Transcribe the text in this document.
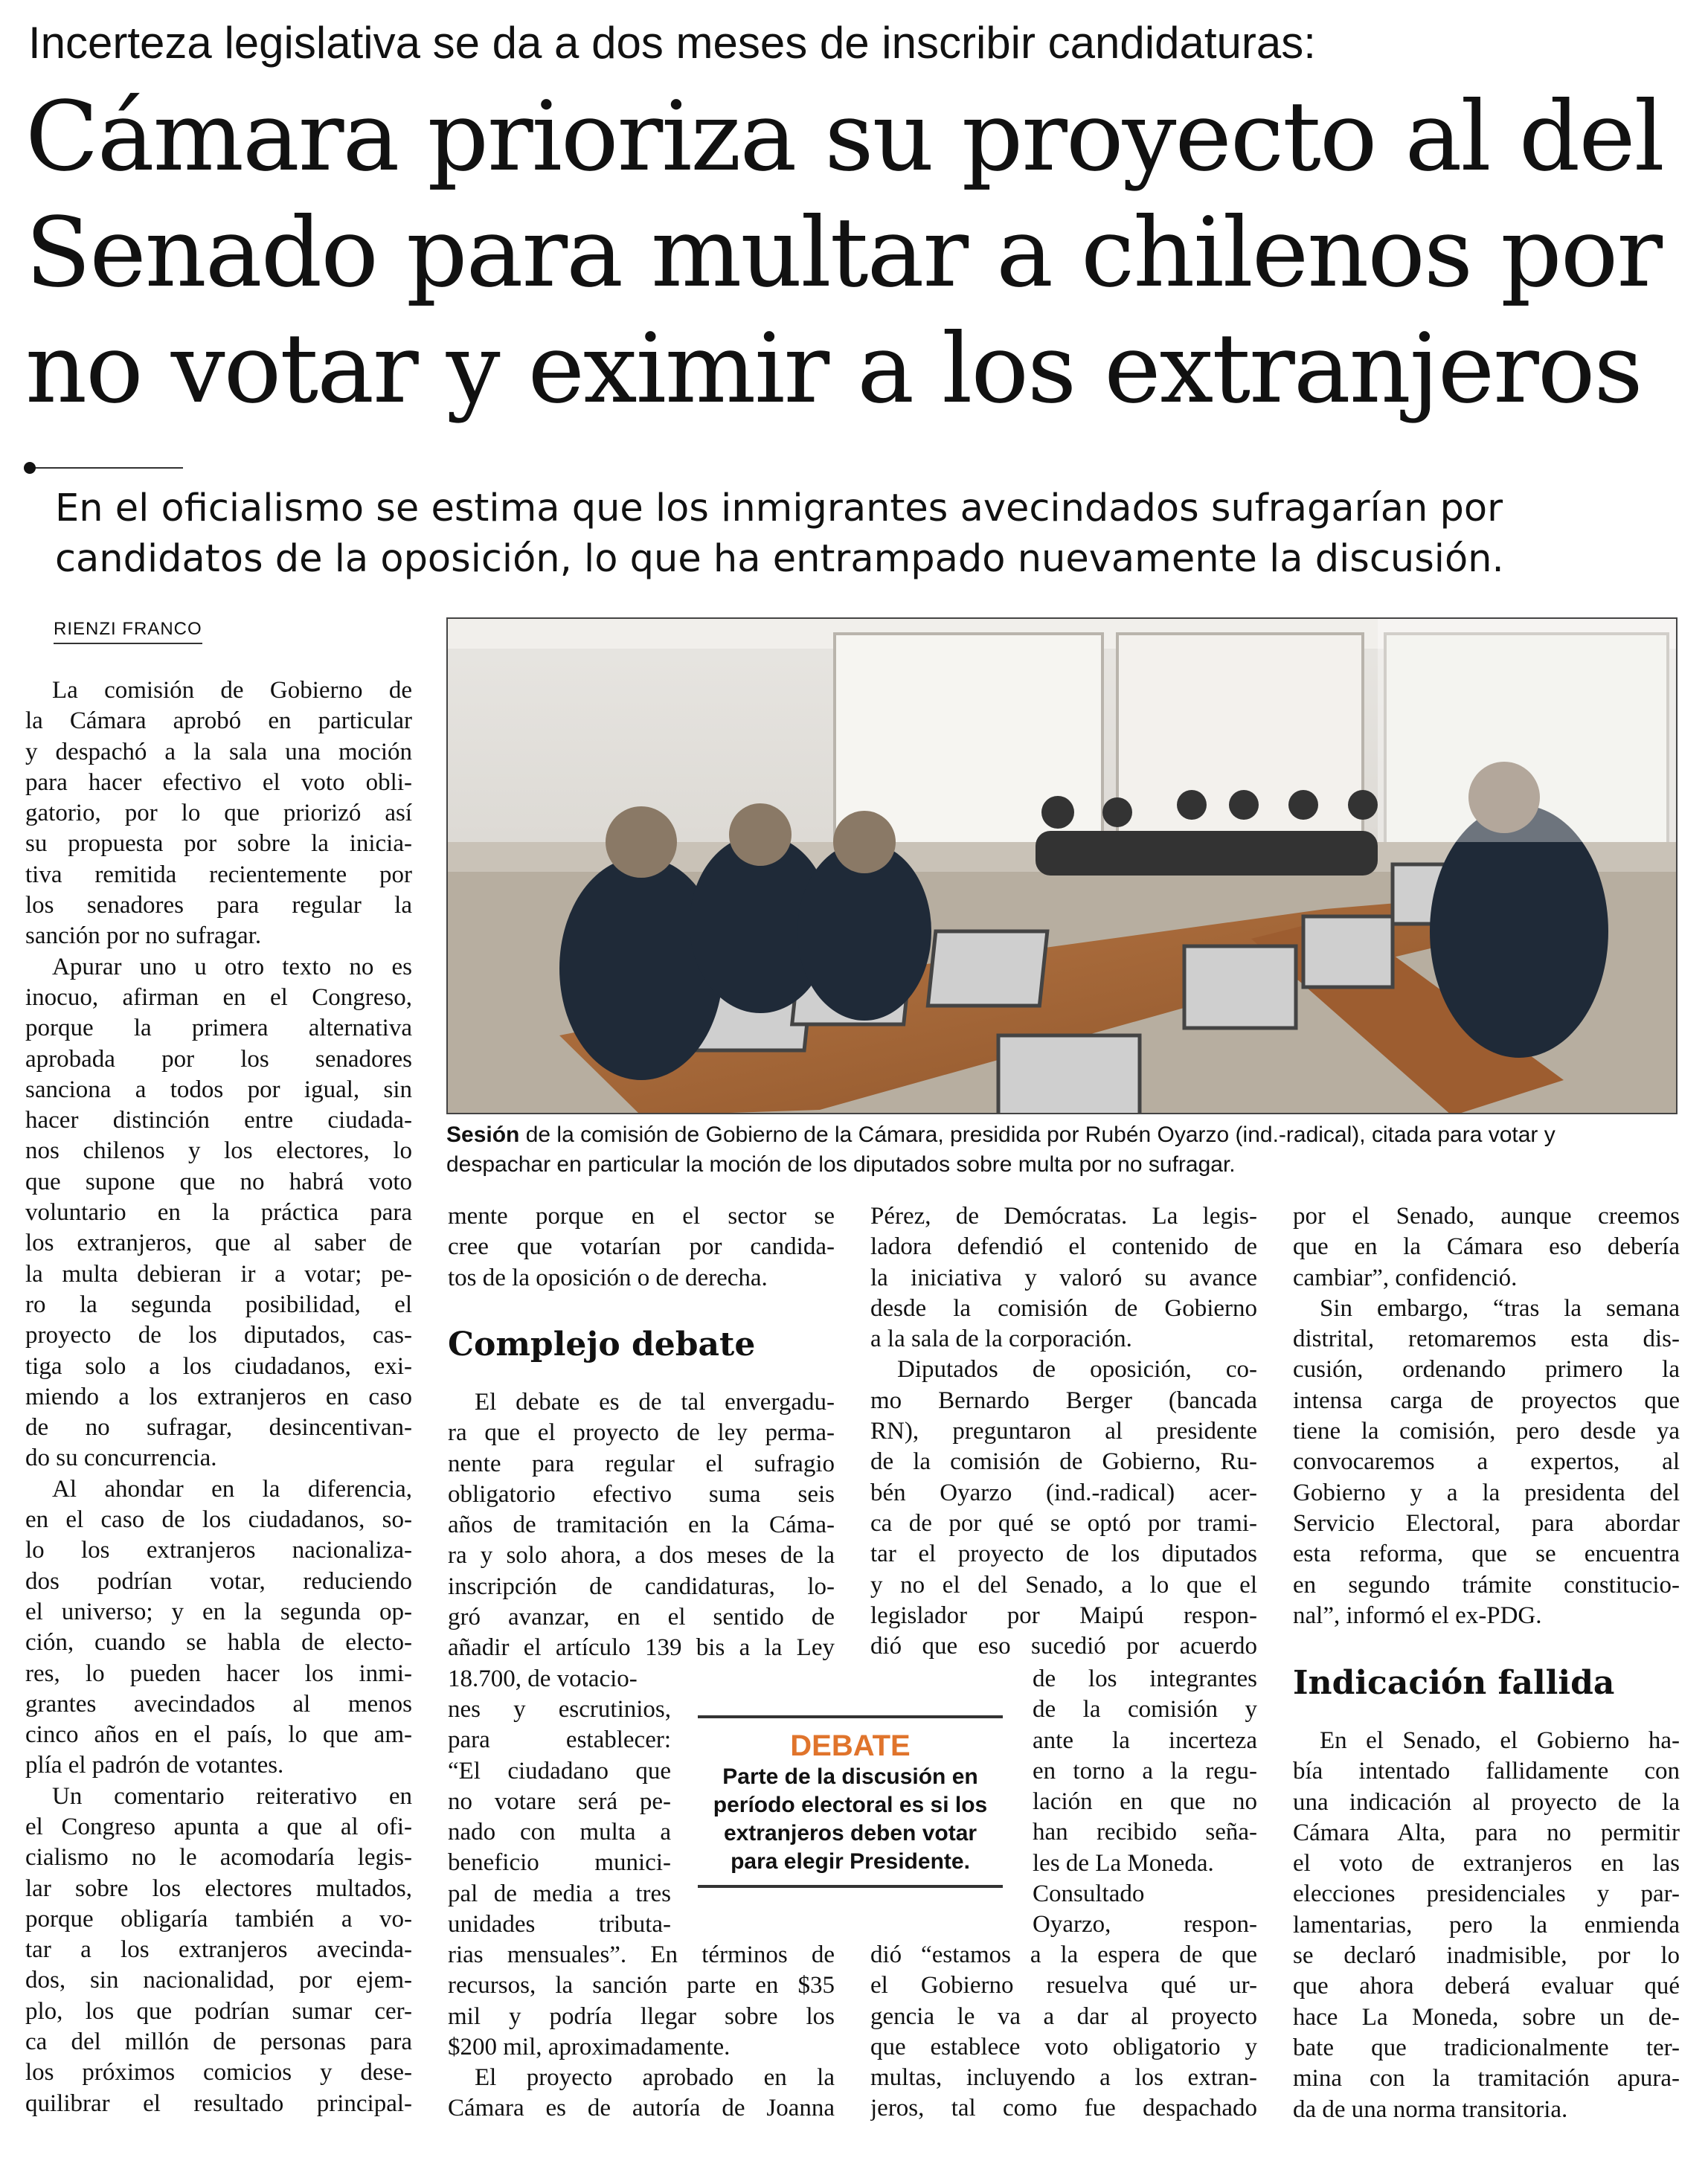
Incerteza legislativa se da a dos meses de inscribir candidaturas:
Cámara prioriza su proyecto al del
Senado para multar a chilenos por
no votar y eximir a los extranjeros
En el oficialismo se estima que los inmigrantes avecindados sufragarían por
candidatos de la oposición, lo que ha entrampado nuevamente la discusión.
RIENZI FRANCO
Sesión de la comisión de Gobierno de la Cámara, presidida por Rubén Oyarzo (ind.-radical), citada para votar y
despachar en particular la moción de los diputados sobre multa por no sufragar.
La comisión de Gobierno de
la Cámara aprobó en particular
y despachó a la sala una moción
para hacer efectivo el voto obli-
gatorio, por lo que priorizó así
su propuesta por sobre la inicia-
tiva remitida recientemente por
los senadores para regular la
sanción por no sufragar.
Apurar uno u otro texto no es
inocuo, afirman en el Congreso,
porque la primera alternativa
aprobada por los senadores
sanciona a todos por igual, sin
hacer distinción entre ciudada-
nos chilenos y los electores, lo
que supone que no habrá voto
voluntario en la práctica para
los extranjeros, que al saber de
la multa debieran ir a votar; pe-
ro la segunda posibilidad, el
proyecto de los diputados, cas-
tiga solo a los ciudadanos, exi-
miendo a los extranjeros en caso
de no sufragar, desincentivan-
do su concurrencia.
Al ahondar en la diferencia,
en el caso de los ciudadanos, so-
lo los extranjeros nacionaliza-
dos podrían votar, reduciendo
el universo; y en la segunda op-
ción, cuando se habla de electo-
res, lo pueden hacer los inmi-
grantes avecindados al menos
cinco años en el país, lo que am-
plía el padrón de votantes.
Un comentario reiterativo en
el Congreso apunta a que al ofi-
cialismo no le acomodaría legis-
lar sobre los electores multados,
porque obligaría también a vo-
tar a los extranjeros avecinda-
dos, sin nacionalidad, por ejem-
plo, los que podrían sumar cer-
ca del millón de personas para
los próximos comicios y dese-
quilibrar el resultado principal-
mente porque en el sector se
cree que votarían por candida-
tos de la oposición o de derecha.
Complejo debate
El debate es de tal envergadu-
ra que el proyecto de ley perma-
nente para regular el sufragio
obligatorio efectivo suma seis
años de tramitación en la Cáma-
ra y solo ahora, a dos meses de la
inscripción de candidaturas, lo-
gró avanzar, en el sentido de
añadir el artículo 139 bis a la Ley
18.700, de votacio-
nes y escrutinios,
para establecer:
“El ciudadano que
no votare será pe-
nado con multa a
beneficio munici-
pal de media a tres
unidades tributa-
rias mensuales”. En términos de
recursos, la sanción parte en $35
mil y podría llegar sobre los
$200 mil, aproximadamente.
El proyecto aprobado en la
Cámara es de autoría de Joanna
DEBATE
Parte de la discusión en
período electoral es si los
extranjeros deben votar
para elegir Presidente.
Pérez, de Demócratas. La legis-
ladora defendió el contenido de
la iniciativa y valoró su avance
desde la comisión de Gobierno
a la sala de la corporación.
Diputados de oposición, co-
mo Bernardo Berger (bancada
RN), preguntaron al presidente
de la comisión de Gobierno, Ru-
bén Oyarzo (ind.-radical) acer-
ca de por qué se optó por trami-
tar el proyecto de los diputados
y no el del Senado, a lo que el
legislador por Maipú respon-
dió que eso sucedió por acuerdo
de los integrantes
de la comisión y
ante la incerteza
en torno a la regu-
lación en que no
han recibido seña-
les de La Moneda.
Consultado
Oyarzo, respon-
dió “estamos a la espera de que
el Gobierno resuelva qué ur-
gencia le va a dar al proyecto
que establece voto obligatorio y
multas, incluyendo a los extran-
jeros, tal como fue despachado
por el Senado, aunque creemos
que en la Cámara eso debería
cambiar”, confidenció.
Sin embargo, “tras la semana
distrital, retomaremos esta dis-
cusión, ordenando primero la
intensa carga de proyectos que
tiene la comisión, pero desde ya
convocaremos a expertos, al
Gobierno y a la presidenta del
Servicio Electoral, para abordar
esta reforma, que se encuentra
en segundo trámite constitucio-
nal”, informó el ex-PDG.
Indicación fallida
En el Senado, el Gobierno ha-
bía intentado fallidamente con
una indicación al proyecto de la
Cámara Alta, para no permitir
el voto de extranjeros en las
elecciones presidenciales y par-
lamentarias, pero la enmienda
se declaró inadmisible, por lo
que ahora deberá evaluar qué
hace La Moneda, sobre un de-
bate que tradicionalmente ter-
mina con la tramitación apura-
da de una norma transitoria.
